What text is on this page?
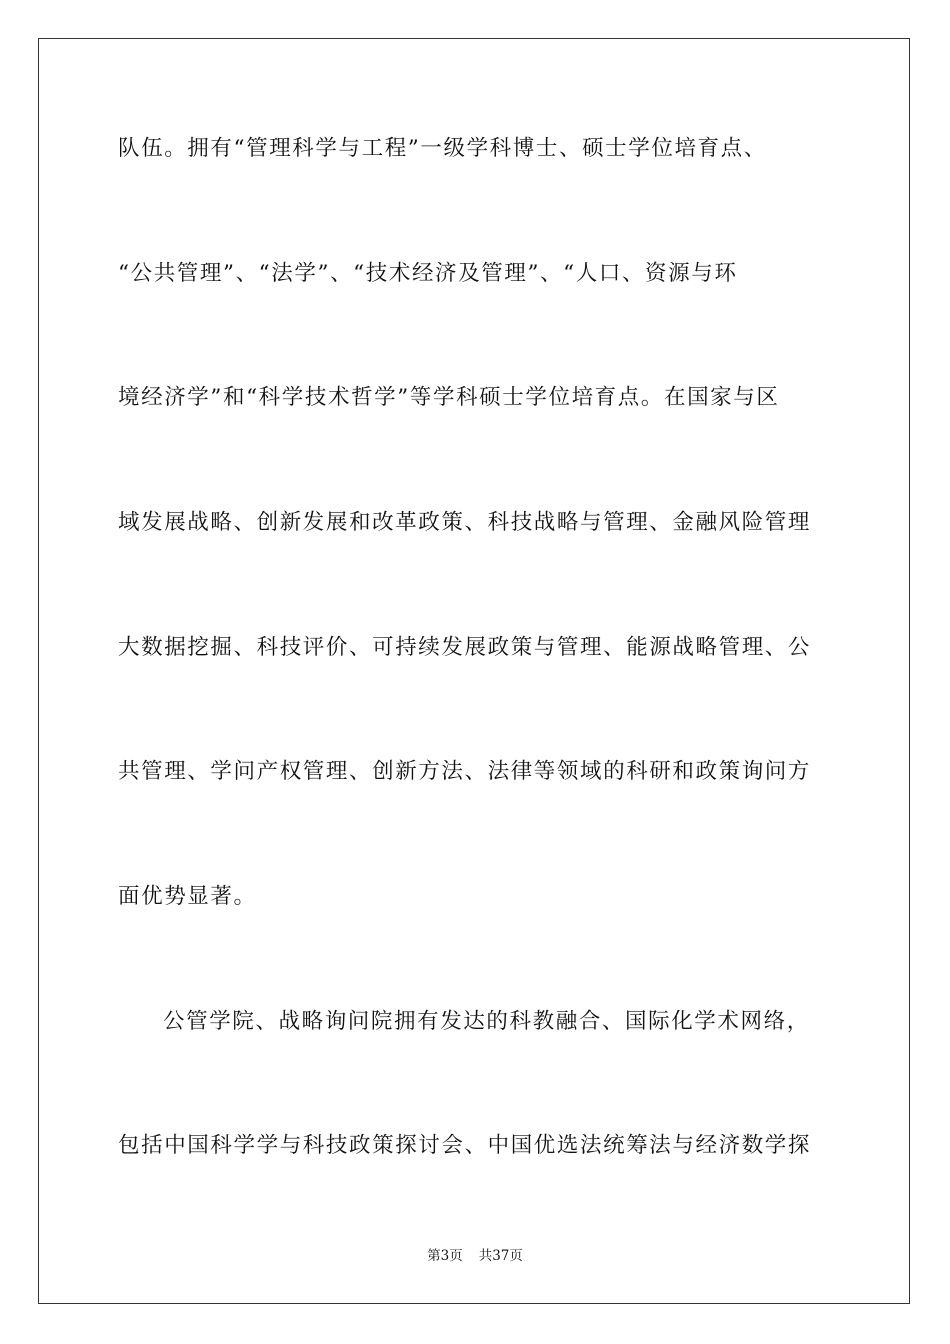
队伍。拥有“管理科学与工程”一级学科博士、硕士学位培育点、
“公共管理”、“法学”、“技术经济及管理”、“人口、资源与环
境经济学”和“科学技术哲学”等学科硕士学位培育点。在国家与区
域发展战略、创新发展和改革政策、科技战略与管理、金融风险管理
大数据挖掘、科技评价、可持续发展政策与管理、能源战略管理、公
共管理、学问产权管理、创新方法、法律等领域的科研和政策询问方
面优势显著。
公管学院、战略询问院拥有发达的科教融合、国际化学术网络，
包括中国科学学与科技政策探讨会、中国优选法统筹法与经济数学探
第3页 共37页
